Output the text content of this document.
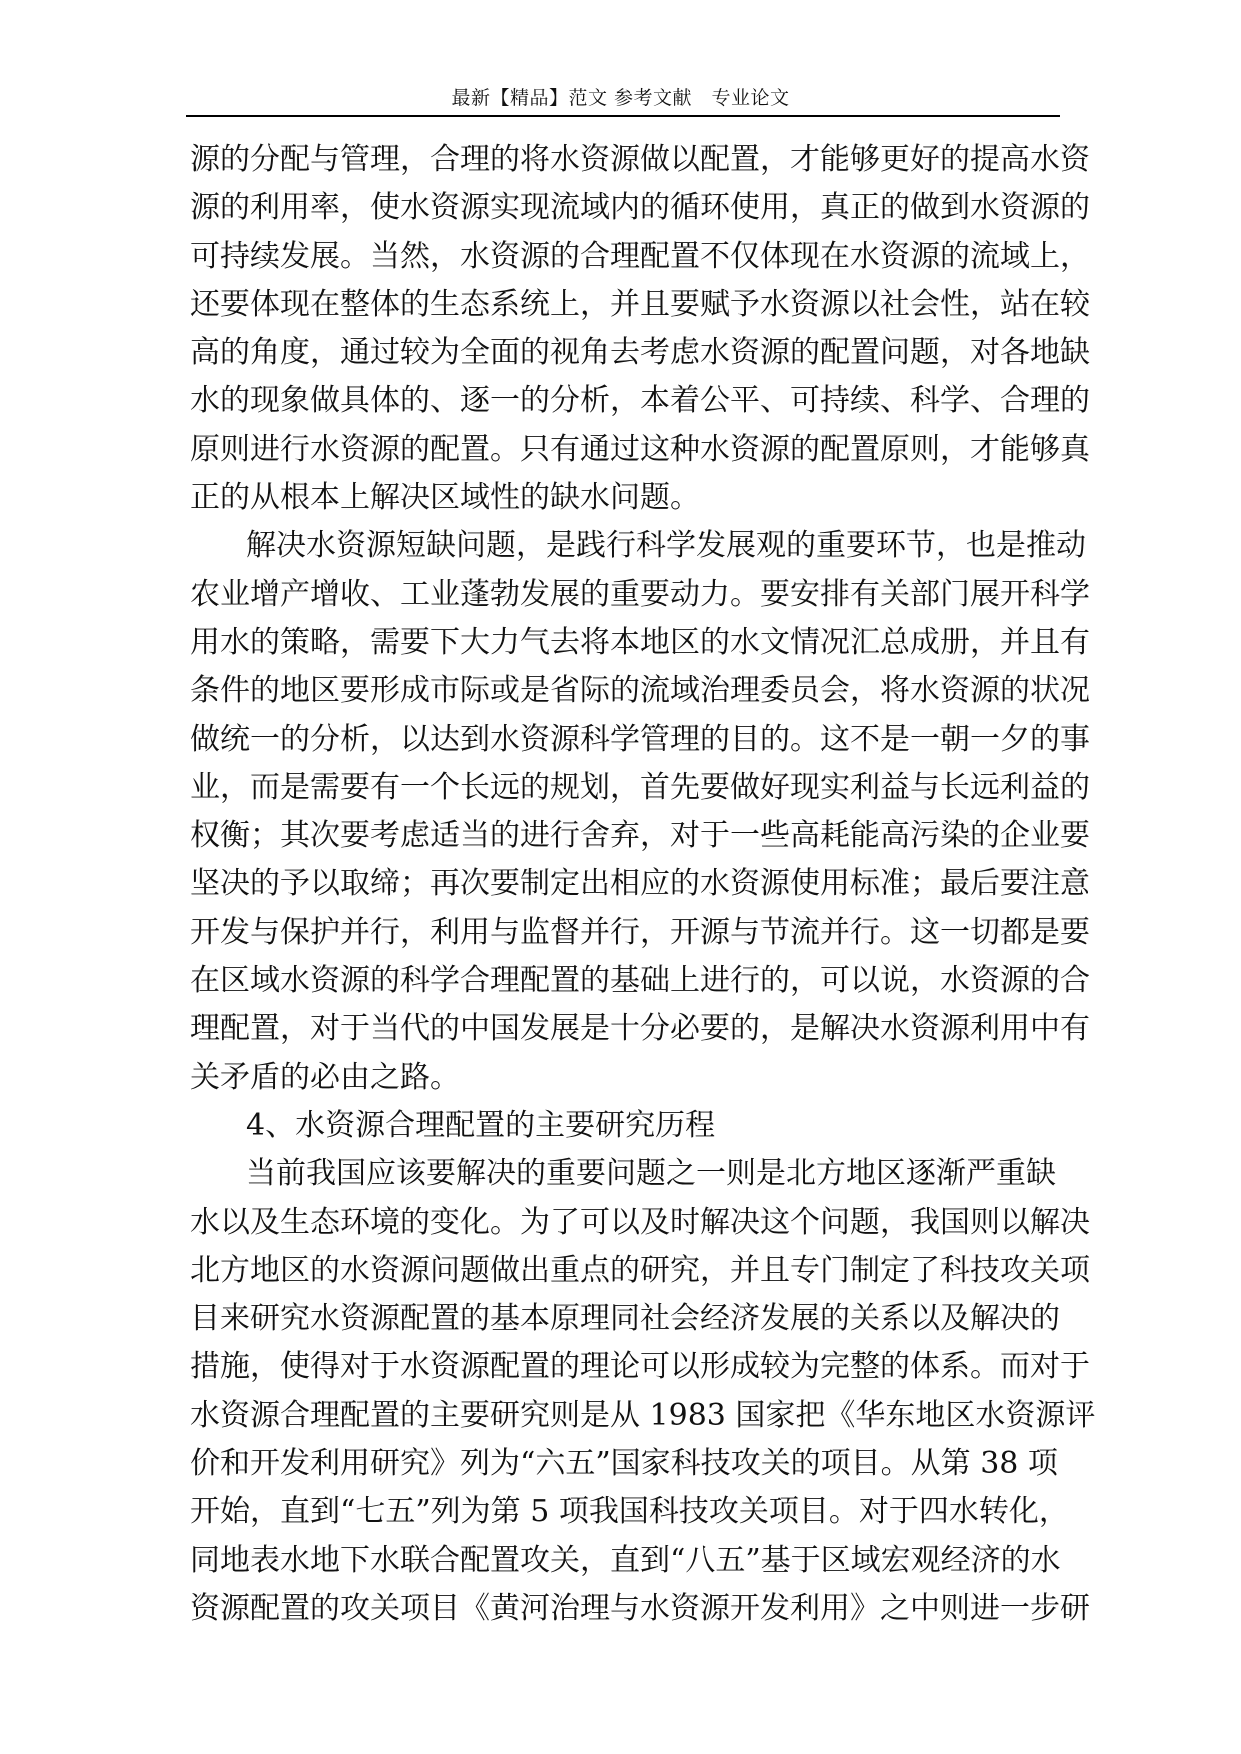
最新【精品】范文 参考文献　专业论文
源的分配与管理，合理的将水资源做以配置，才能够更好的提高水资
源的利用率，使水资源实现流域内的循环使用，真正的做到水资源的
可持续发展。当然，水资源的合理配置不仅体现在水资源的流域上，
还要体现在整体的生态系统上，并且要赋予水资源以社会性，站在较
高的角度，通过较为全面的视角去考虑水资源的配置问题，对各地缺
水的现象做具体的、逐一的分析，本着公平、可持续、科学、合理的
原则进行水资源的配置。只有通过这种水资源的配置原则，才能够真
正的从根本上解决区域性的缺水问题。
解决水资源短缺问题，是践行科学发展观的重要环节，也是推动
农业增产增收、工业蓬勃发展的重要动力。要安排有关部门展开科学
用水的策略，需要下大力气去将本地区的水文情况汇总成册，并且有
条件的地区要形成市际或是省际的流域治理委员会，将水资源的状况
做统一的分析，以达到水资源科学管理的目的。这不是一朝一夕的事
业，而是需要有一个长远的规划，首先要做好现实利益与长远利益的
权衡；其次要考虑适当的进行舍弃，对于一些高耗能高污染的企业要
坚决的予以取缔；再次要制定出相应的水资源使用标准；最后要注意
开发与保护并行，利用与监督并行，开源与节流并行。这一切都是要
在区域水资源的科学合理配置的基础上进行的，可以说，水资源的合
理配置，对于当代的中国发展是十分必要的，是解决水资源利用中有
关矛盾的必由之路。
4、水资源合理配置的主要研究历程
当前我国应该要解决的重要问题之一则是北方地区逐渐严重缺
水以及生态环境的变化。为了可以及时解决这个问题，我国则以解决
北方地区的水资源问题做出重点的研究，并且专门制定了科技攻关项
目来研究水资源配置的基本原理同社会经济发展的关系以及解决的
措施，使得对于水资源配置的理论可以形成较为完整的体系。而对于
水资源合理配置的主要研究则是从 1983 国家把《华东地区水资源评
价和开发利用研究》列为“六五”国家科技攻关的项目。从第 38 项
开始，直到“七五”列为第 5 项我国科技攻关项目。对于四水转化，
同地表水地下水联合配置攻关，直到“八五”基于区域宏观经济的水
资源配置的攻关项目《黄河治理与水资源开发利用》之中则进一步研
